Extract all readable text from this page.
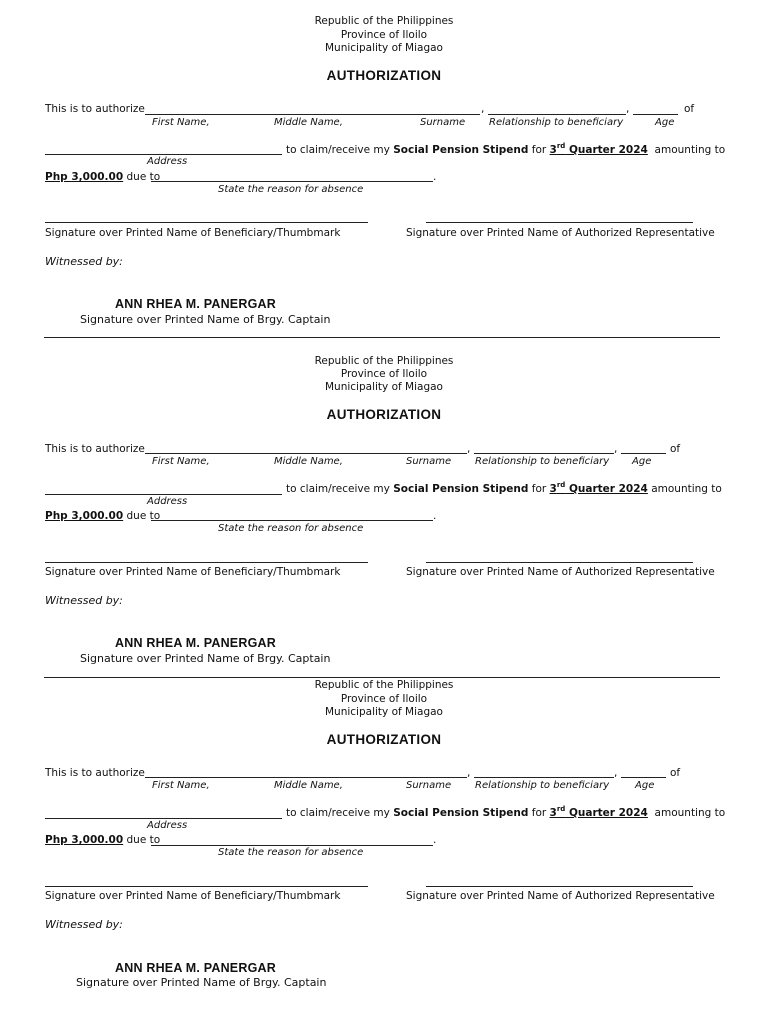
Republic of the Philippines
Province of Iloilo
Municipality of Miagao
AUTHORIZATION
This is to authorize	,	,	of
First Name,	Middle Name,	Surname Relationship to beneficiary	Age
to claim/receive my Social Pension Stipend for 3rd Quarter 2024 amounting to
Address
Php 3,000.00 due to	.
State the reason for absence
Signature over Printed Name of Beneficiary/Thumbmark	Signature over Printed Name of Authorized Representative
Witnessed by:
ANN RHEA M. PANERGAR
Signature over Printed Name of Brgy. Captain
Republic of the Philippines
Province of Iloilo
Municipality of Miagao
AUTHORIZATION
This is to authorize	,	,	of
First Name,	Middle Name,	Surname Relationship to beneficiary Age
to claim/receive my Social Pension Stipend for 3rd Quarter 2024 amounting to
Address
Php 3,000.00 due to	.
State the reason for absence
Signature over Printed Name of Beneficiary/Thumbmark	Signature over Printed Name of Authorized Representative
Witnessed by:
ANN RHEA M. PANERGAR
Signature over Printed Name of Brgy. Captain
Republic of the Philippines
Province of Iloilo
Municipality of Miagao
AUTHORIZATION
This is to authorize	,	,	of
First Name,	Middle Name,	Surname Relationship to beneficiary	Age
to claim/receive my Social Pension Stipend for 3rd Quarter 2024 amounting to
Address
Php 3,000.00 due to	.
State the reason for absence
Signature over Printed Name of Beneficiary/Thumbmark	Signature over Printed Name of Authorized Representative
Witnessed by:
ANN RHEA M. PANERGAR
Signature over Printed Name of Brgy. Captain
